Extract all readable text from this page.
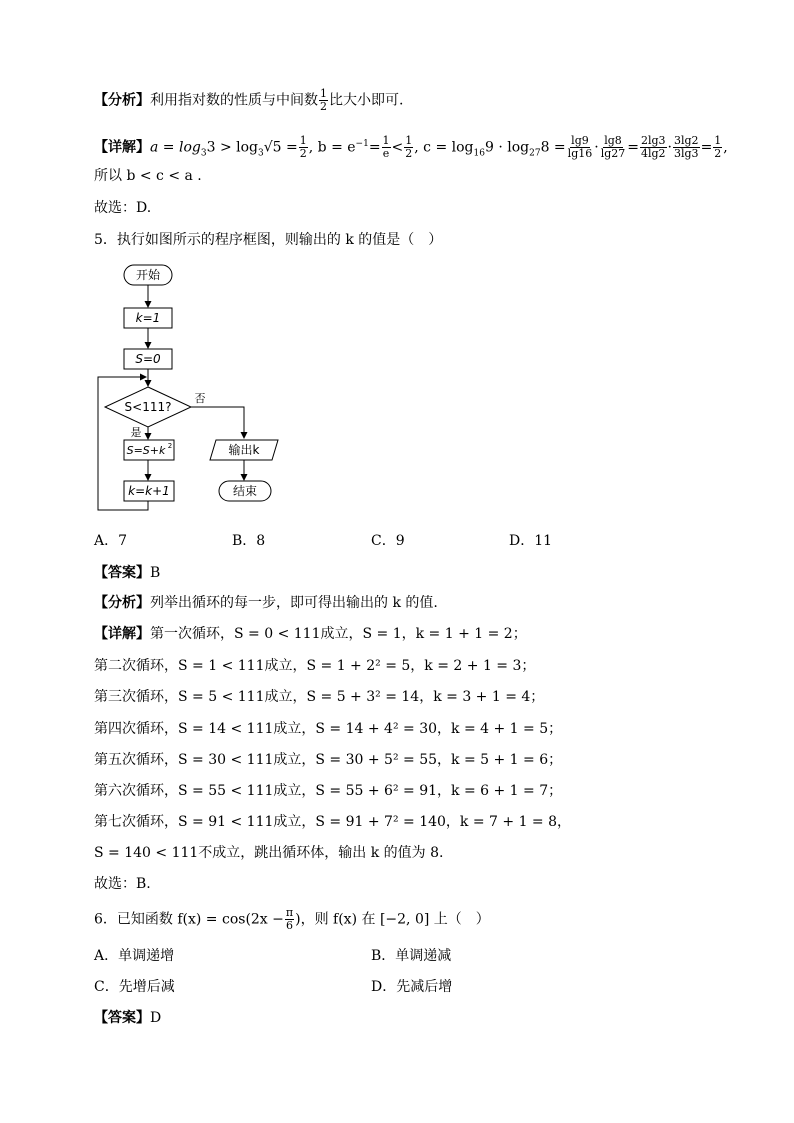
【分析】利用指对数的性质与中间数 $\frac{1}{2}$ 比大小即可.
【详解】$a = \log_33 > \log_3√5 = \frac{1}{2}$ , $b = e^{-1}= \frac{1}{e} < \frac{1}{2}$ , $c = \log_{16}9 \cdot \log_{27}8 = \frac{\lg 9}{\lg 16} \cdot \frac{\lg 8}{\lg 27} = \frac{2\lg 3}{4\lg 2} \cdot \frac{3\lg 2}{3\lg 3} = \frac{1}{2}$ ,
所以 b < c < a .
故选：D.
5．执行如图所示的程序框图，则输出的 k 的值是（　）
开始
k=1
S=0
S<111?
否
是
S=S+k 2
k=k+1
输出k
结束
A．7	B．8	C．9	D．11
【答案】B
【分析】列举出循环的每一步，即可得出输出的 k 的值.
【详解】第一次循环，S = 0 < 111成立，S = 1，k = 1 + 1 = 2；
第二次循环，S = 1 < 111成立，S = 1 + 2² = 5，k = 2 + 1 = 3；
第三次循环，S = 5 < 111成立，S = 5 + 3² = 14，k = 3 + 1 = 4；
第四次循环，S = 14 < 111成立，S = 14 + 4² = 30，k = 4 + 1 = 5；
第五次循环，S = 30 < 111成立，S = 30 + 5² = 55，k = 5 + 1 = 6；
第六次循环，S = 55 < 111成立，S = 55 + 6² = 91，k = 6 + 1 = 7；
第七次循环，S = 91 < 111成立，S = 91 + 7² = 140，k = 7 + 1 = 8，
S = 140 < 111不成立，跳出循环体，输出 k 的值为 8.
故选：B.
6．已知函数 $f(x) = \cos(2x - \frac{\pi}{6}$ )，则 f(x) 在 [−2, 0] 上（　）
A．单调递增	B．单调递减
C．先增后减	D．先减后增
【答案】D
